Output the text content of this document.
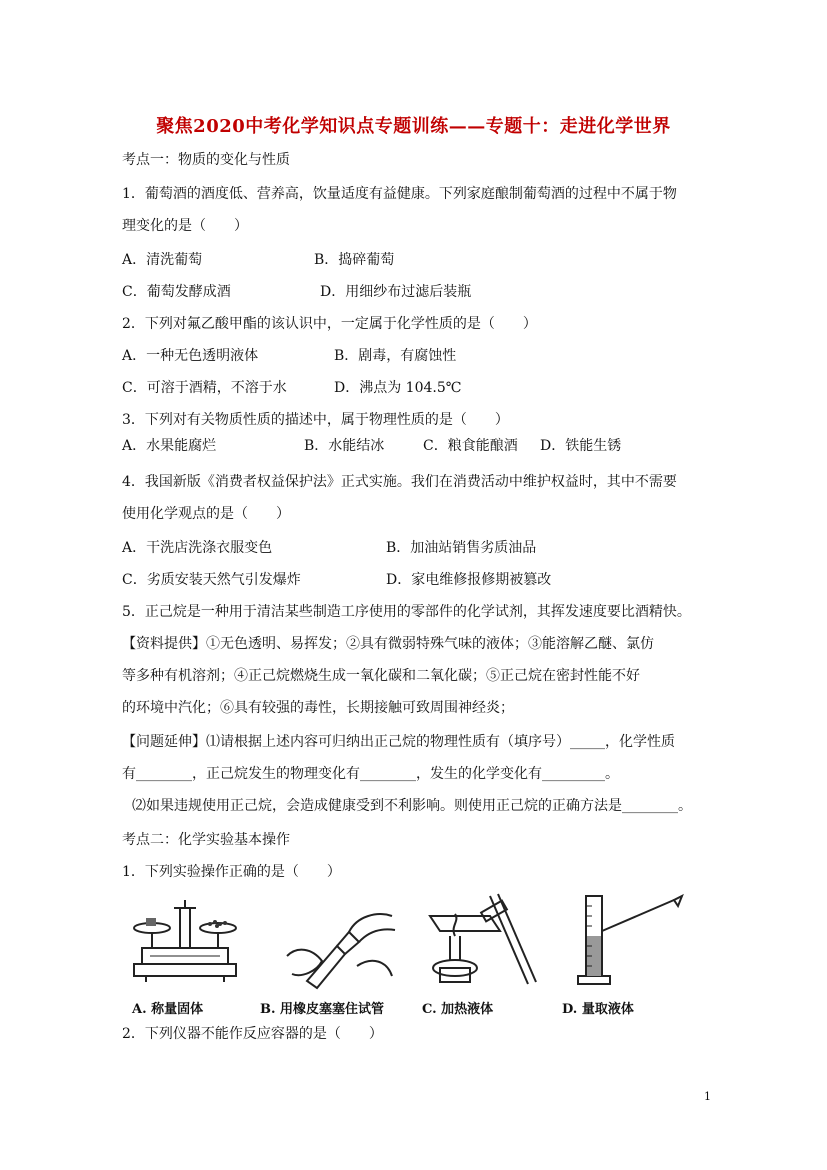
聚焦2020中考化学知识点专题训练——专题十：走进化学世界
考点一：物质的变化与性质
1．葡萄酒的酒度低、营养高，饮量适度有益健康。下列家庭酿制葡萄酒的过程中不属于物
理变化的是（　　）
A．清洗葡萄	B．捣碎葡萄
C．葡萄发酵成酒	D．用细纱布过滤后装瓶
2．下列对氟乙酸甲酯的该认识中，一定属于化学性质的是（　　）
A．一种无色透明液体	B．剧毒，有腐蚀性
C．可溶于酒精，不溶于水	D．沸点为 104.5℃
3．下列对有关物质性质的描述中，属于物理性质的是（　　）
A．水果能腐烂	B．水能结冰	C．粮食能酿酒 D．铁能生锈
4．我国新版《消费者权益保护法》正式实施。我们在消费活动中维护权益时，其中不需要
使用化学观点的是（　　）
A．干洗店洗涤衣服变色	B．加油站销售劣质油品
C．劣质安装天然气引发爆炸	D．家电维修报修期被篡改
5．正己烷是一种用于清洁某些制造工序使用的零部件的化学试剂，其挥发速度要比酒精快。
【资料提供】①无色透明、易挥发；②具有微弱特殊气味的液体；③能溶解乙醚、氯仿
等多种有机溶剂；④正己烷燃烧生成一氧化碳和二氧化碳；⑤正己烷在密封性能不好
的环境中汽化；⑥具有较强的毒性，长期接触可致周围神经炎；
【问题延伸】⑴请根据上述内容可归纳出正己烷的物理性质有（填序号）_____，化学性质
有________，正己烷发生的物理变化有________，发生的化学变化有_________。
⑵如果违规使用正己烷，会造成健康受到不利影响。则使用正己烷的正确方法是________。
考点二：化学实验基本操作
1．下列实验操作正确的是（　　）
A. 称量固体	B. 用橡皮塞塞住试管	C. 加热液体	D. 量取液体
2．下列仪器不能作反应容器的是（　　）
1
